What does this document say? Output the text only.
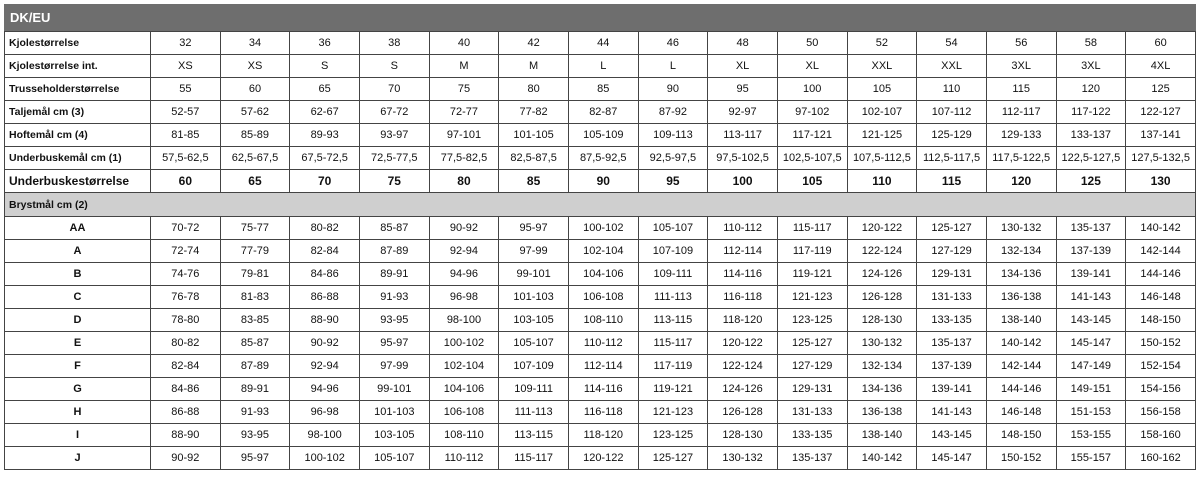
DK/EU
Kjolestørrelse	32	34	36	38	40	42	44	46	48	50	52	54	56	58	60
Kjolestørrelse int.	XS	XS	S	S	M	M	L	L	XL	XL	XXL	XXL	3XL	3XL	4XL
Trusseholderstørrelse	55	60	65	70	75	80	85	90	95	100	105	110	115	120	125
Taljemål cm (3)	52-57	57-62	62-67	67-72	72-77	77-82	82-87	87-92	92-97	97-102	102-107	107-112	112-117	117-122	122-127
Hoftemål cm (4)	81-85	85-89	89-93	93-97	97-101	101-105	105-109	109-113	113-117	117-121	121-125	125-129	129-133	133-137	137-141
Underbuskemål cm (1)	57,5-62,5	62,5-67,5	67,5-72,5	72,5-77,5	77,5-82,5	82,5-87,5	87,5-92,5	92,5-97,5	97,5-102,5	102,5-107,5	107,5-112,5	112,5-117,5	117,5-122,5	122,5-127,5	127,5-132,5
Underbuskestørrelse	60	65	70	75	80	85	90	95	100	105	110	115	120	125	130
Brystmål cm (2)															
AA	70-72	75-77	80-82	85-87	90-92	95-97	100-102	105-107	110-112	115-117	120-122	125-127	130-132	135-137	140-142
A	72-74	77-79	82-84	87-89	92-94	97-99	102-104	107-109	112-114	117-119	122-124	127-129	132-134	137-139	142-144
B	74-76	79-81	84-86	89-91	94-96	99-101	104-106	109-111	114-116	119-121	124-126	129-131	134-136	139-141	144-146
C	76-78	81-83	86-88	91-93	96-98	101-103	106-108	111-113	116-118	121-123	126-128	131-133	136-138	141-143	146-148
D	78-80	83-85	88-90	93-95	98-100	103-105	108-110	113-115	118-120	123-125	128-130	133-135	138-140	143-145	148-150
E	80-82	85-87	90-92	95-97	100-102	105-107	110-112	115-117	120-122	125-127	130-132	135-137	140-142	145-147	150-152
F	82-84	87-89	92-94	97-99	102-104	107-109	112-114	117-119	122-124	127-129	132-134	137-139	142-144	147-149	152-154
G	84-86	89-91	94-96	99-101	104-106	109-111	114-116	119-121	124-126	129-131	134-136	139-141	144-146	149-151	154-156
H	86-88	91-93	96-98	101-103	106-108	111-113	116-118	121-123	126-128	131-133	136-138	141-143	146-148	151-153	156-158
I	88-90	93-95	98-100	103-105	108-110	113-115	118-120	123-125	128-130	133-135	138-140	143-145	148-150	153-155	158-160
J	90-92	95-97	100-102	105-107	110-112	115-117	120-122	125-127	130-132	135-137	140-142	145-147	150-152	155-157	160-162
